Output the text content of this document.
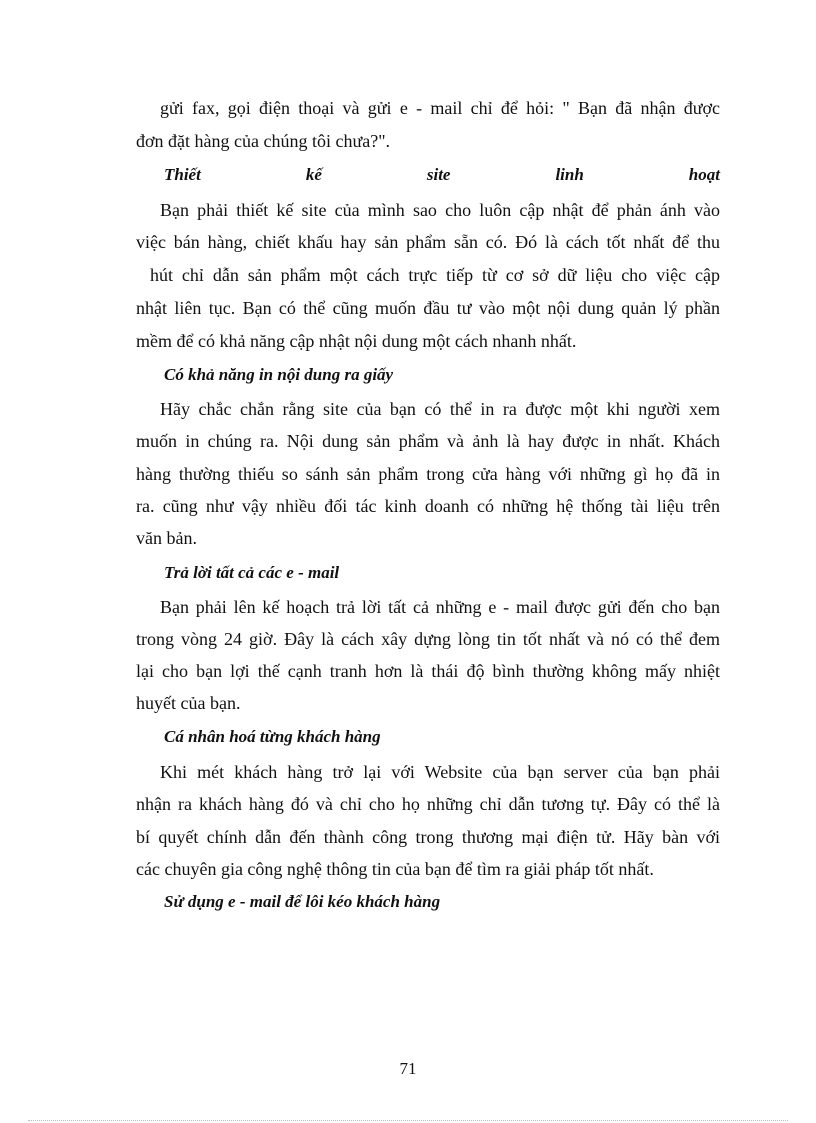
gửi fax, gọi điện thoại và gửi e - mail chỉ để hỏi: " Bạn đã nhận được
đơn đặt hàng của chúng tôi chưa?".
Thiết kế site linh hoạt
Bạn phải thiết kế site của mình sao cho luôn cập nhật để phản ánh vào
việc bán hàng, chiết khấu hay sản phẩm sẵn có. Đó là cách tốt nhất để thu
hút chỉ dẫn sản phẩm một cách trực tiếp từ cơ sở dữ liệu cho việc cập
nhật liên tục. Bạn có thể cũng muốn đầu tư vào một nội dung quản lý phần
mềm để có khả năng cập nhật nội dung một cách nhanh nhất.
Có khả năng in nội dung ra giấy
Hãy chắc chắn rằng site của bạn có thể in ra được một khi người xem
muốn in chúng ra. Nội dung sản phẩm và ảnh là hay được in nhất. Khách
hàng thường thiếu so sánh sản phẩm trong cửa hàng với những gì họ đã in
ra. cũng như vậy nhiều đối tác kinh doanh có những hệ thống tài liệu trên
văn bản.
Trả lời tất cả các e - mail
Bạn phải lên kế hoạch trả lời tất cả những e - mail được gửi đến cho bạn
trong vòng 24 giờ. Đây là cách xây dựng lòng tin tốt nhất và nó có thể đem
lại cho bạn lợi thế cạnh tranh hơn là thái độ bình thường không mấy nhiệt
huyết của bạn.
Cá nhân hoá từng khách hàng
Khi mét khách hàng trở lại với Website của bạn server của bạn phải
nhận ra khách hàng đó và chỉ cho họ những chỉ dẫn tương tự. Đây có thể là
bí quyết chính dẫn đến thành công trong thương mại điện tử. Hãy bàn với
các chuyên gia công nghệ thông tin của bạn để tìm ra giải pháp tốt nhất.
Sử dụng e - mail để lôi kéo khách hàng
71
